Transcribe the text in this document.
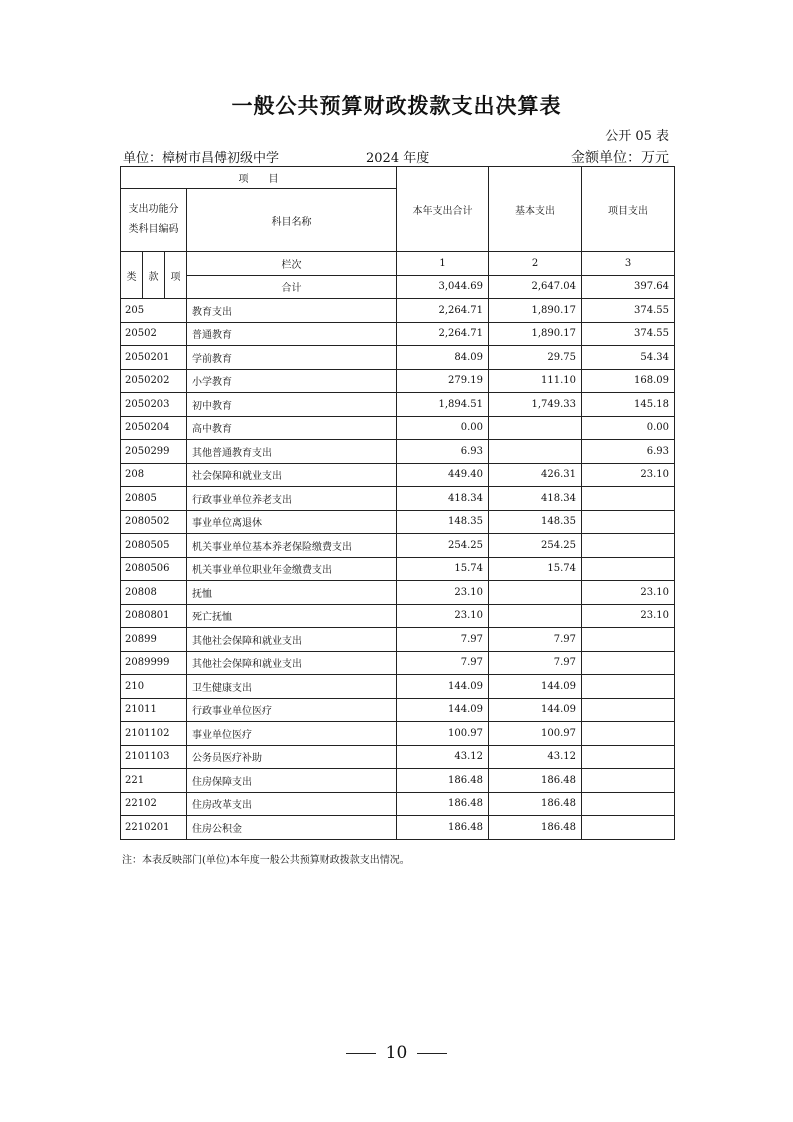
一般公共预算财政拨款支出决算表
公开 05 表
单位：樟树市昌傅初级中学	2024 年度	金额单位：万元
项　　目				本年支出合计	基本支出	项目支出

支出功能分
类科目编码			科目名称			

类	款	项	栏次	1	2	3
			合计	3,044.69	2,647.04	397.64
205			教育支出	2,264.71	1,890.17	374.55
20502			普通教育	2,264.71	1,890.17	374.55
2050201			学前教育	84.09	29.75	54.34
2050202			小学教育	279.19	111.10	168.09
2050203			初中教育	1,894.51	1,749.33	145.18
2050204			高中教育	0.00		0.00
2050299			其他普通教育支出	6.93		6.93
208			社会保障和就业支出	449.40	426.31	23.10
20805			行政事业单位养老支出	418.34	418.34	
2080502			事业单位离退休	148.35	148.35	
2080505			机关事业单位基本养老保险缴费支出	254.25	254.25	
2080506			机关事业单位职业年金缴费支出	15.74	15.74	
20808			抚恤	23.10		23.10
2080801			死亡抚恤	23.10		23.10
20899			其他社会保障和就业支出	7.97	7.97	
2089999			其他社会保障和就业支出	7.97	7.97	
210			卫生健康支出	144.09	144.09	
21011			行政事业单位医疗	144.09	144.09	
2101102			事业单位医疗	100.97	100.97	
2101103			公务员医疗补助	43.12	43.12	
221			住房保障支出	186.48	186.48	
22102			住房改革支出	186.48	186.48	
2210201			住房公积金	186.48	186.48	
注：本表反映部门(单位)本年度一般公共预算财政拨款支出情况。
10
